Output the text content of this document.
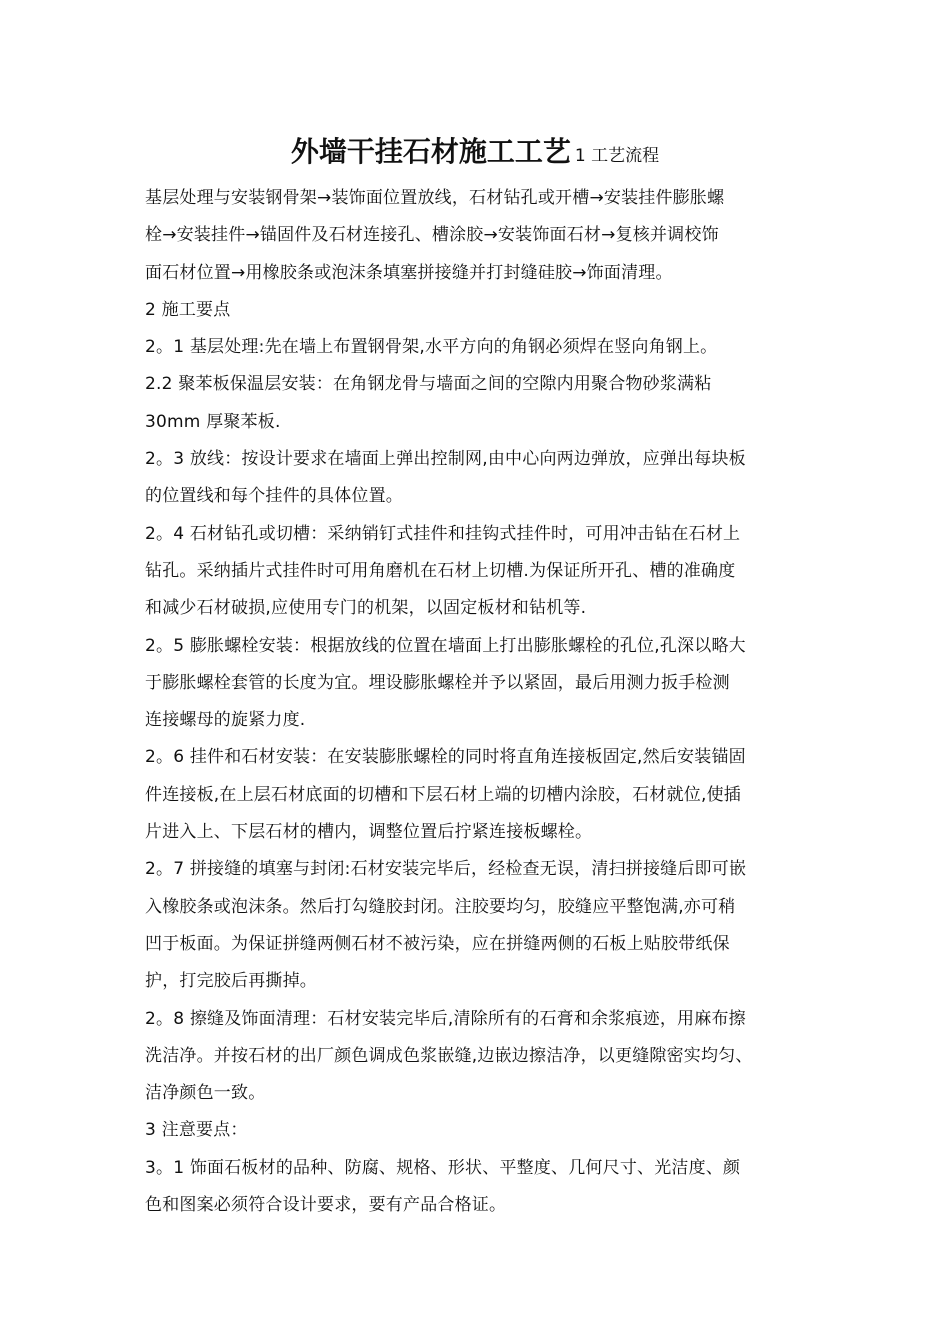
外墙干挂石材施工工艺 1 工艺流程
基层处理与安装钢骨架→装饰面位置放线，石材钻孔或开槽→安装挂件膨胀螺
栓→安装挂件→锚固件及石材连接孔、槽涂胶→安装饰面石材→复核并调校饰
面石材位置→用橡胶条或泡沫条填塞拼接缝并打封缝硅胶→饰面清理。
2 施工要点
2。1 基层处理:先在墙上布置钢骨架,水平方向的角钢必须焊在竖向角钢上。
2.2 聚苯板保温层安装：在角钢龙骨与墙面之间的空隙内用聚合物砂浆满粘
30mm 厚聚苯板.
2。3 放线：按设计要求在墙面上弹出控制网,由中心向两边弹放，应弹出每块板
的位置线和每个挂件的具体位置。
2。4 石材钻孔或切槽：采纳销钉式挂件和挂钩式挂件时，可用冲击钻在石材上
钻孔。采纳插片式挂件时可用角磨机在石材上切槽.为保证所开孔、槽的准确度
和减少石材破损,应使用专门的机架，以固定板材和钻机等.
2。5 膨胀螺栓安装：根据放线的位置在墙面上打出膨胀螺栓的孔位,孔深以略大
于膨胀螺栓套管的长度为宜。埋设膨胀螺栓并予以紧固，最后用测力扳手检测
连接螺母的旋紧力度.
2。6 挂件和石材安装：在安装膨胀螺栓的同时将直角连接板固定,然后安装锚固
件连接板,在上层石材底面的切槽和下层石材上端的切槽内涂胶，石材就位,使插
片进入上、下层石材的槽内，调整位置后拧紧连接板螺栓。
2。7 拼接缝的填塞与封闭:石材安装完毕后，经检查无误，清扫拼接缝后即可嵌
入橡胶条或泡沫条。然后打勾缝胶封闭。注胶要均匀，胶缝应平整饱满,亦可稍
凹于板面。为保证拼缝两侧石材不被污染，应在拼缝两侧的石板上贴胶带纸保
护，打完胶后再撕掉。
2。8 擦缝及饰面清理：石材安装完毕后,清除所有的石膏和余浆痕迹，用麻布擦
洗洁净。并按石材的出厂颜色调成色浆嵌缝,边嵌边擦洁净，以更缝隙密实均匀、
洁净颜色一致。
3 注意要点：
3。1 饰面石板材的品种、防腐、规格、形状、平整度、几何尺寸、光洁度、颜
色和图案必须符合设计要求，要有产品合格证。
